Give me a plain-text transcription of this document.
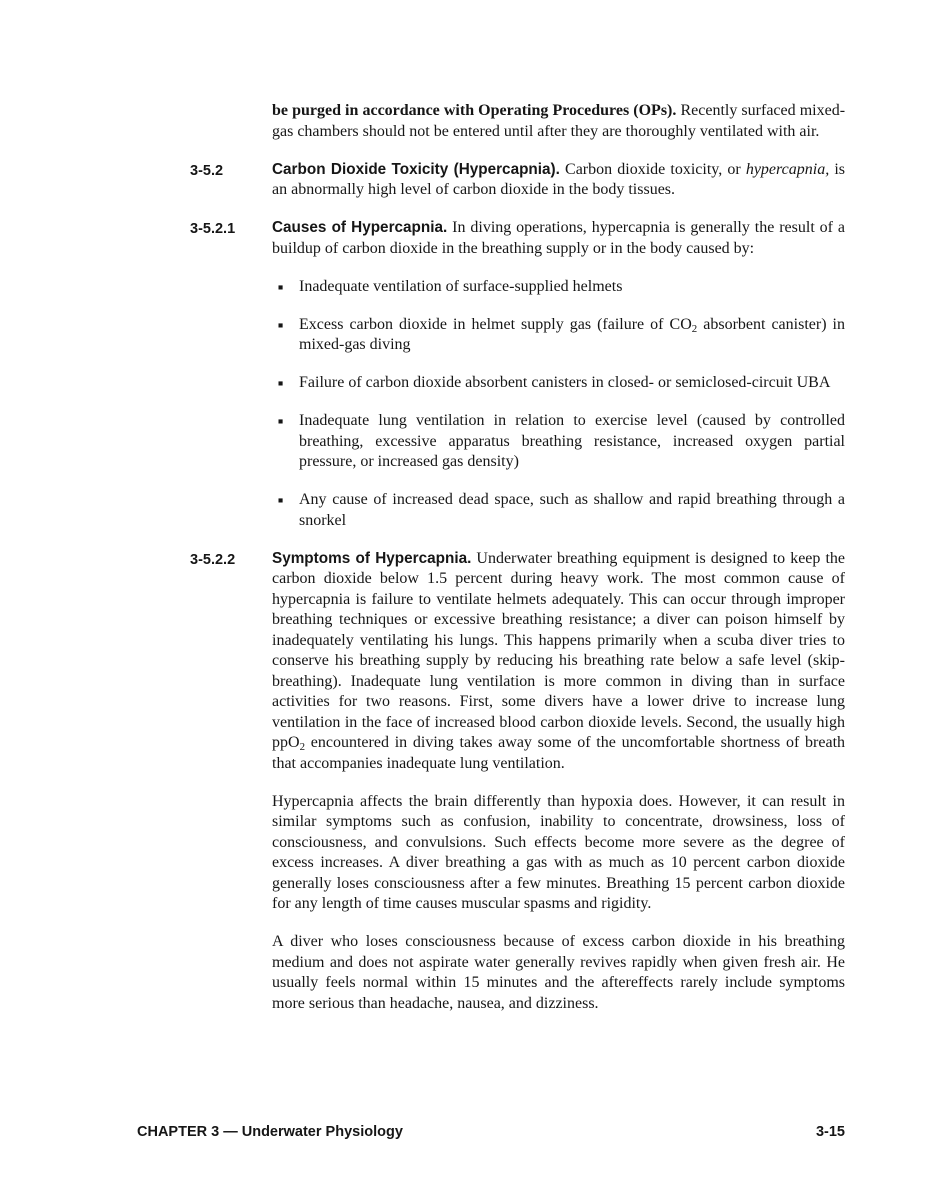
be purged in accordance with Operating Procedures (OPs). Recently surfaced mixed-gas chambers should not be entered until after they are thoroughly ventilated with air.

3-5.2	Carbon Dioxide Toxicity (Hypercapnia). Carbon dioxide toxicity, or hypercapnia, is an abnormally high level of carbon dioxide in the body tissues.

3-5.2.1	Causes of Hypercapnia. In diving operations, hypercapnia is generally the result of a buildup of carbon dioxide in the breathing supply or in the body caused by:

■ Inadequate ventilation of surface-supplied helmets

■ Excess carbon dioxide in helmet supply gas (failure of $CO_2$ absorbent canister) in mixed-gas diving

■ Failure of carbon dioxide absorbent canisters in closed- or semiclosed-circuit UBA

■ Inadequate lung ventilation in relation to exercise level (caused by controlled breathing, excessive apparatus breathing resistance, increased oxygen partial pressure, or increased gas density)

■ Any cause of increased dead space, such as shallow and rapid breathing through a snorkel

3-5.2.2	Symptoms of Hypercapnia. Underwater breathing equipment is designed to keep the carbon dioxide below 1.5 percent during heavy work. The most common cause of hypercapnia is failure to ventilate helmets adequately. This can occur through improper breathing techniques or excessive breathing resistance; a diver can poison himself by inadequately ventilating his lungs. This happens primarily when a scuba diver tries to conserve his breathing supply by reducing his breathing rate below a safe level (skip-breathing). Inadequate lung ventilation is more common in diving than in surface activities for two reasons. First, some divers have a lower drive to increase lung ventilation in the face of increased blood carbon dioxide levels. Second, the usually high ppO$_2$ encountered in diving takes away some of the uncomfortable shortness of breath that accompanies inadequate lung ventilation.

Hypercapnia affects the brain differently than hypoxia does. However, it can result in similar symptoms such as confusion, inability to concentrate, drowsiness, loss of consciousness, and convulsions. Such effects become more severe as the degree of excess increases. A diver breathing a gas with as much as 10 percent carbon dioxide generally loses consciousness after a few minutes. Breathing 15 percent carbon dioxide for any length of time causes muscular spasms and rigidity.

A diver who loses consciousness because of excess carbon dioxide in his breathing medium and does not aspirate water generally revives rapidly when given fresh air. He usually feels normal within 15 minutes and the aftereffects rarely include symptoms more serious than headache, nausea, and dizziness.

CHAPTER 3 — Underwater Physiology	3-15
